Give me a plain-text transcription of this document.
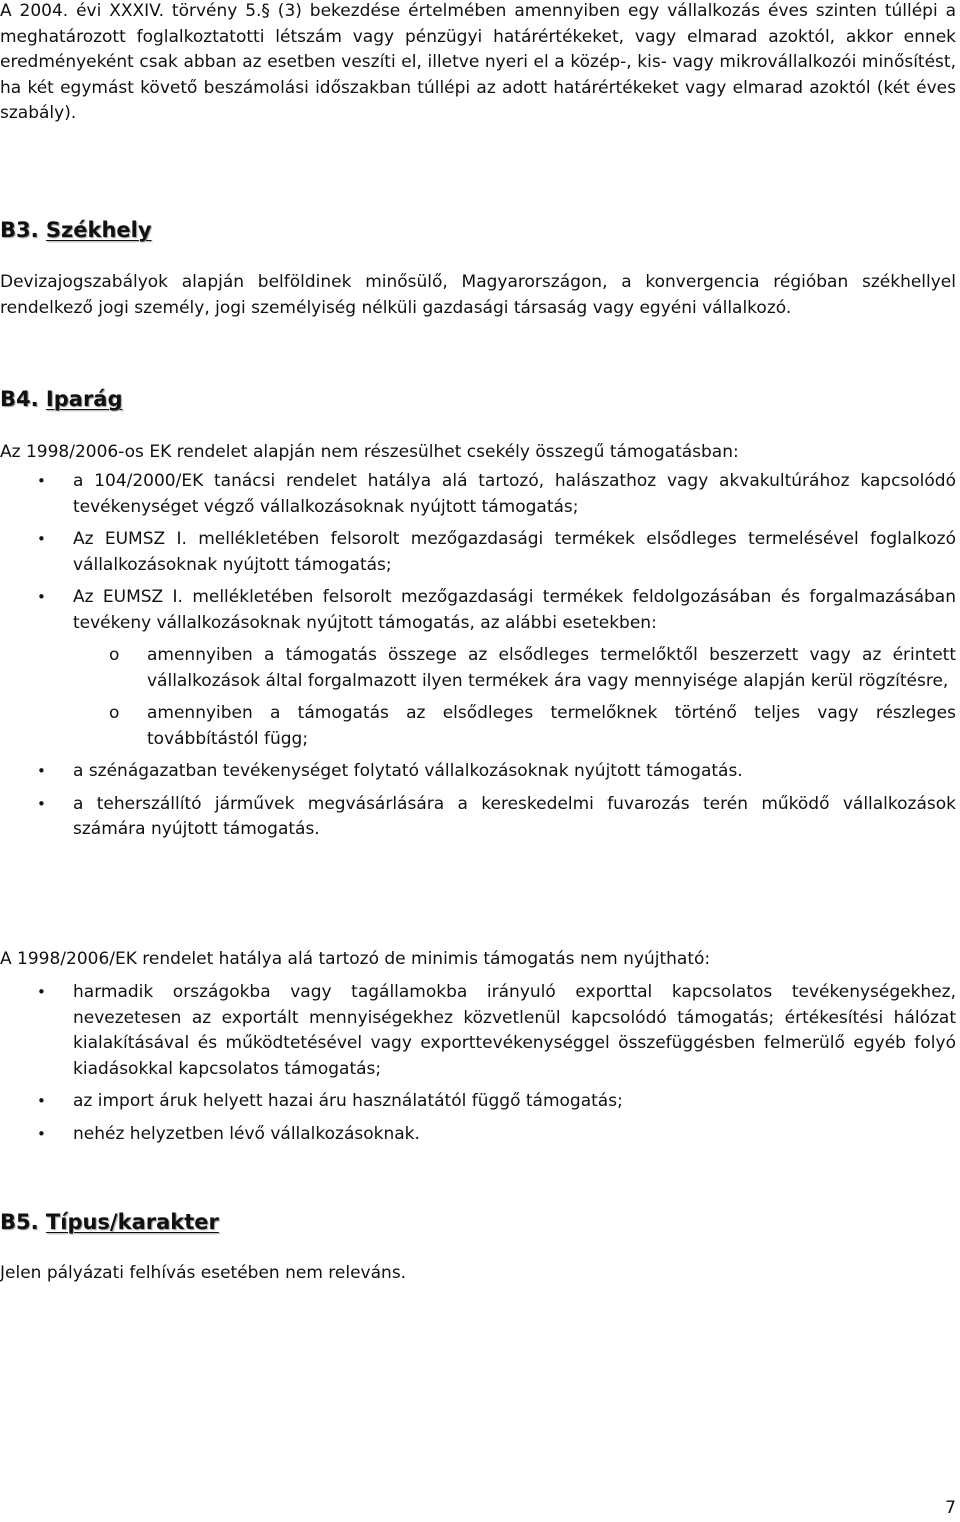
A 2004. évi XXXIV. törvény 5.§ (3) bekezdése értelmében amennyiben egy vállalkozás éves szinten túllépi a meghatározott foglalkoztatotti létszám vagy pénzügyi határértékeket, vagy elmarad azoktól, akkor ennek eredményeként csak abban az esetben veszíti el, illetve nyeri el a közép-, kis- vagy mikrovállalkozói minősítést, ha két egymást követő beszámolási időszakban túllépi az adott határértékeket vagy elmarad azoktól (két éves szabály).

B3. Székhely

Devizajogszabályok alapján belföldinek minősülő, Magyarországon, a konvergencia régióban székhellyel rendelkező jogi személy, jogi személyiség nélküli gazdasági társaság vagy egyéni vállalkozó.

B4. Iparág

Az 1998/2006-os EK rendelet alapján nem részesülhet csekély összegű támogatásban:

• a 104/2000/EK tanácsi rendelet hatálya alá tartozó, halászathoz vagy akvakultúrához kapcsolódó tevékenységet végző vállalkozásoknak nyújtott támogatás;
• Az EUMSZ I. mellékletében felsorolt mezőgazdasági termékek elsődleges termelésével foglalkozó vállalkozásoknak nyújtott támogatás;
• Az EUMSZ I. mellékletében felsorolt mezőgazdasági termékek feldolgozásában és forgalmazásában tevékeny vállalkozásoknak nyújtott támogatás, az alábbi esetekben:
o amennyiben a támogatás összege az elsődleges termelőktől beszerzett vagy az érintett vállalkozások által forgalmazott ilyen termékek ára vagy mennyisége alapján kerül rögzítésre,
o amennyiben a támogatás az elsődleges termelőknek történő teljes vagy részleges továbbítástól függ;
• a szénágazatban tevékenységet folytató vállalkozásoknak nyújtott támogatás.
• a teherszállító járművek megvásárlására a kereskedelmi fuvarozás terén működő vállalkozások számára nyújtott támogatás.

A 1998/2006/EK rendelet hatálya alá tartozó de minimis támogatás nem nyújtható:

• harmadik országokba vagy tagállamokba irányuló exporttal kapcsolatos tevékenységekhez, nevezetesen az exportált mennyiségekhez közvetlenül kapcsolódó támogatás; értékesítési hálózat kialakításával és működtetésével vagy exporttevékenységgel összefüggésben felmerülő egyéb folyó kiadásokkal kapcsolatos támogatás;
• az import áruk helyett hazai áru használatától függő támogatás;
• nehéz helyzetben lévő vállalkozásoknak.
B5. Típus/karakter

Jelen pályázati felhívás esetében nem releváns.

7
